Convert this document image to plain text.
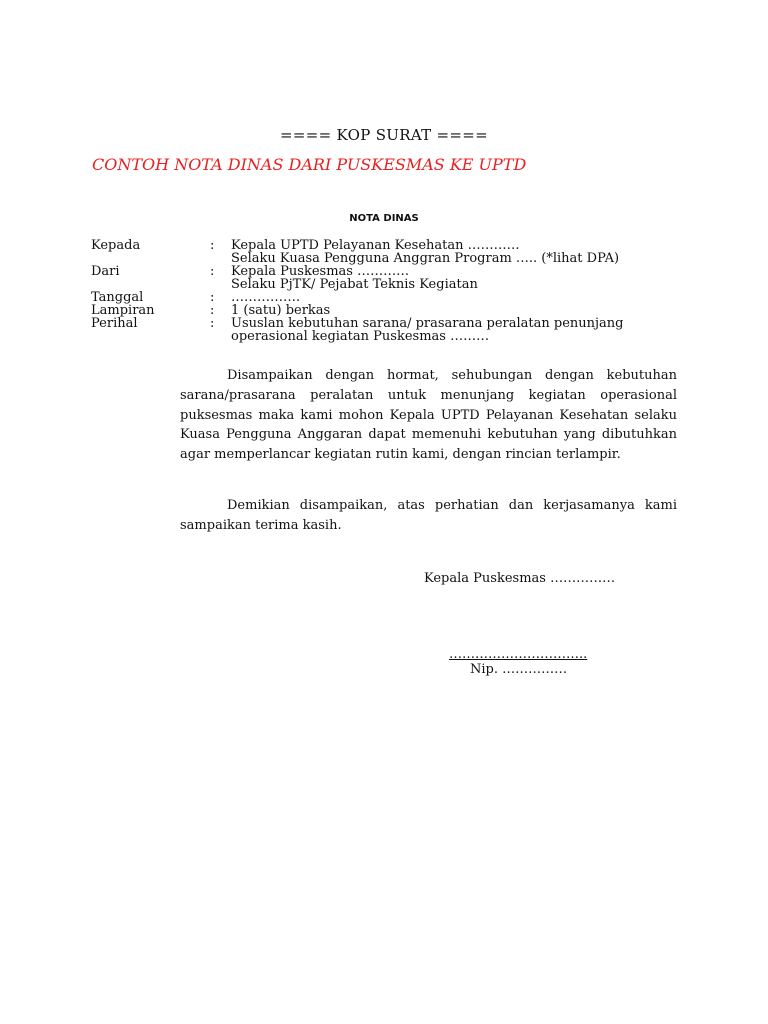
==== KOP SURAT ====
CONTOH NOTA DINAS DARI PUSKESMAS KE UPTD
NOTA DINAS
Kepada	: Kepala UPTD Pelayanan Kesehatan …………
Selaku Kuasa Pengguna Anggran Program ….. (*lihat DPA)
Dari	: Kepala Puskesmas …………
Selaku PjTK/ Pejabat Teknis Kegiatan
Tanggal	: …………….
Lampiran	: 1 (satu) berkas
Perihal	: Ususlan kebutuhan sarana/ prasarana peralatan penunjang
operasional kegiatan Puskesmas ………

Disampaikan dengan hormat, sehubungan dengan kebutuhan sarana/prasarana peralatan untuk menunjang kegiatan operasional puksesmas maka kami mohon Kepala UPTD Pelayanan Kesehatan selaku Kuasa Pengguna Anggaran dapat memenuhi kebutuhan yang dibutuhkan agar memperlancar kegiatan rutin kami, dengan rincian terlampir.

Demikian disampaikan, atas perhatian dan kerjasamanya kami sampaikan terima kasih.

Kepala Puskesmas ……………
…………………………..
Nip. ……………
